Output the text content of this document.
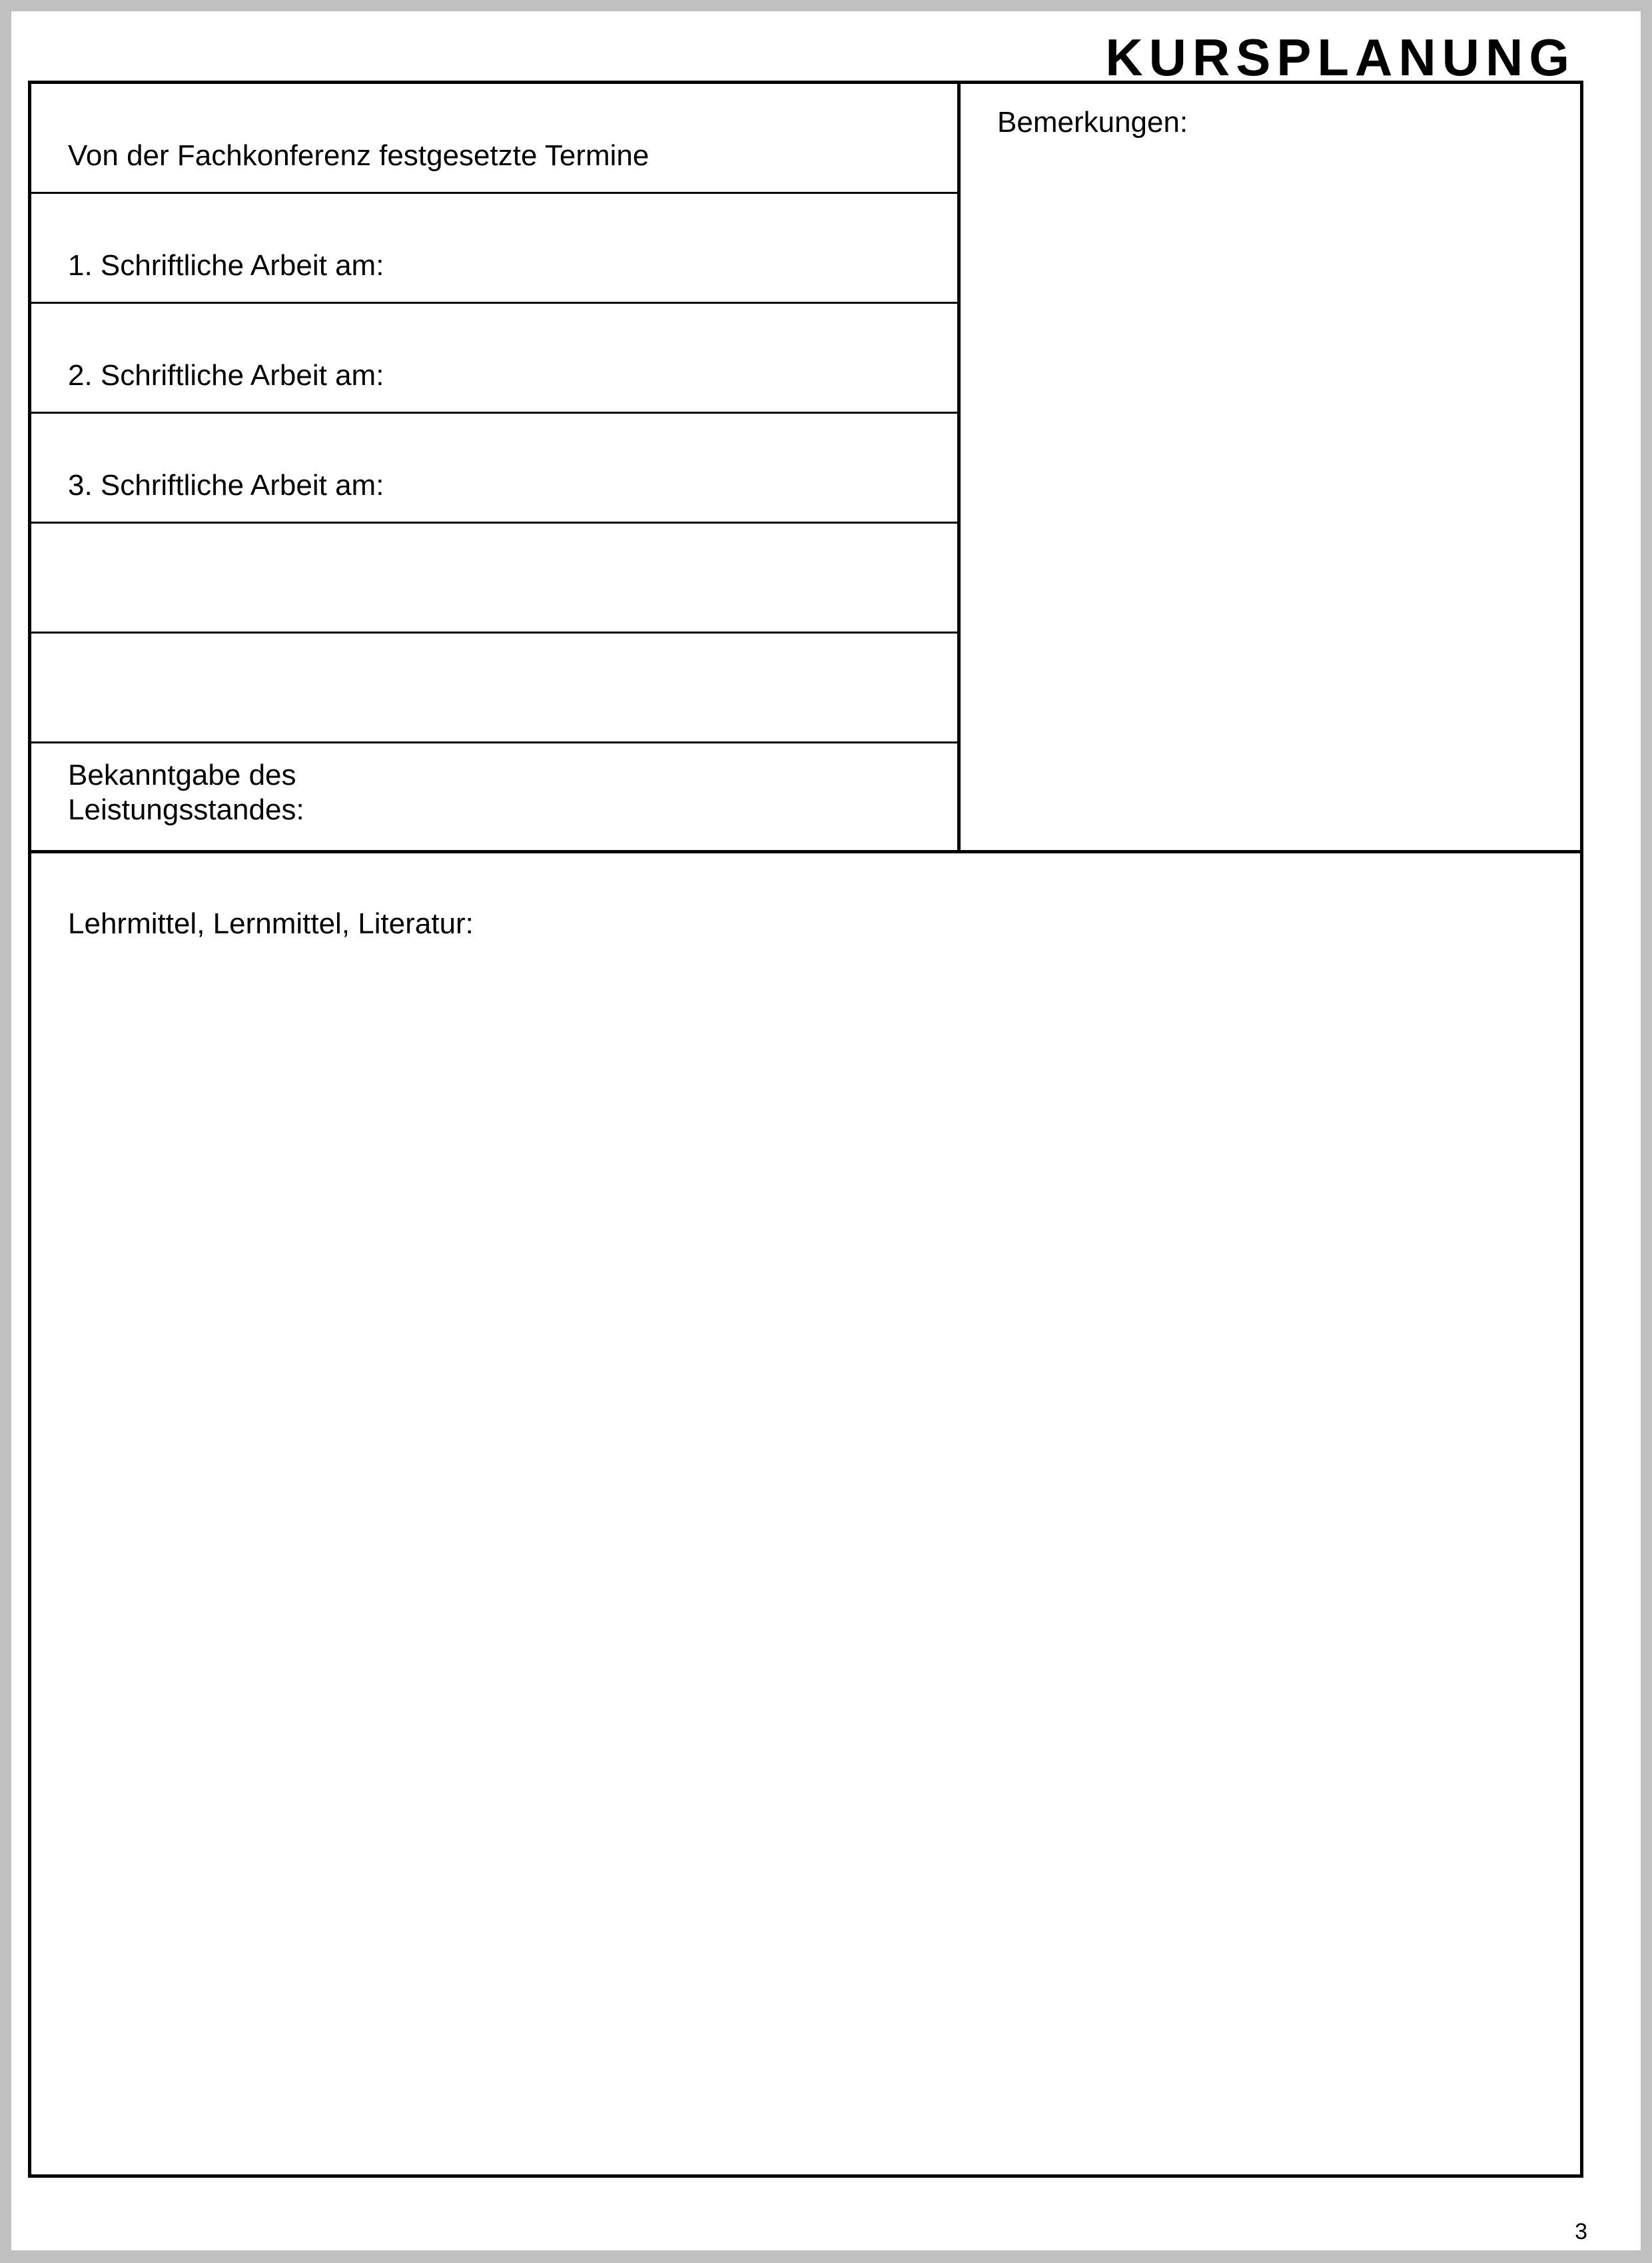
KURSPLANUNG

Von der Fachkonferenz festgesetzte Termine

1. Schriftliche Arbeit am:

2. Schriftliche Arbeit am:

3. Schriftliche Arbeit am:

Bekanntgabe des
Leistungsstandes:

Bemerkungen:

Lehrmittel, Lernmittel, Literatur:

3
